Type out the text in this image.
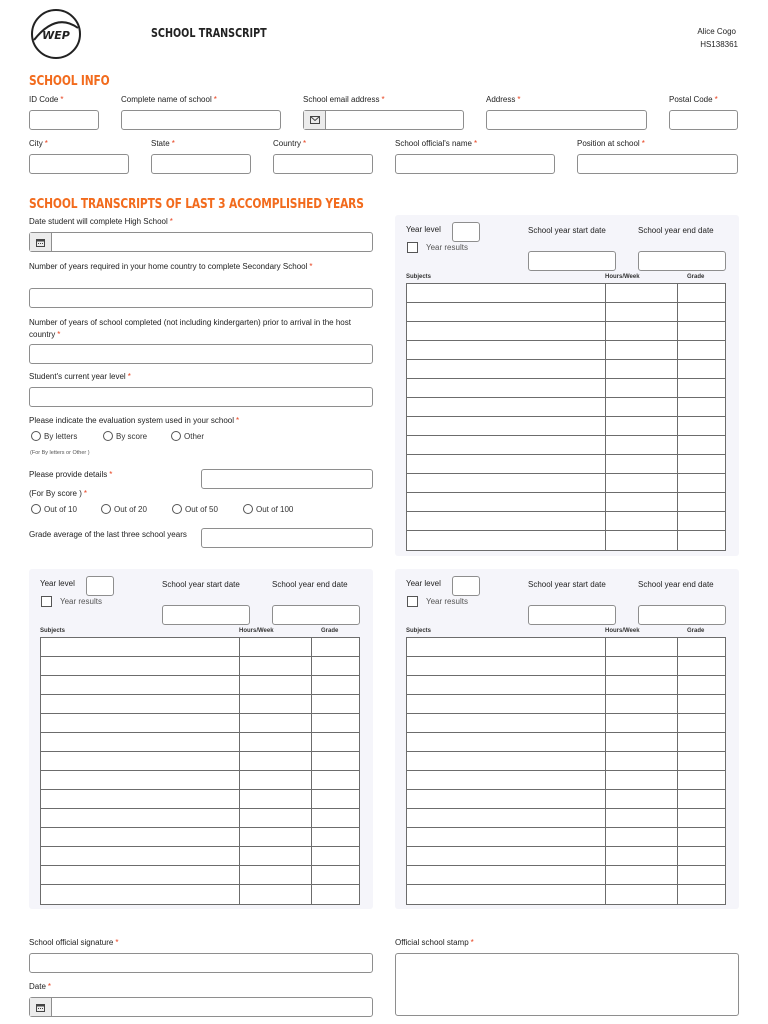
WEP	SCHOOL TRANSCRIPT	Alice Cogo
HS138361
SCHOOL INFO
ID Code *	Complete name of school *	School email address *	Address *	Postal Code *
City *	State *	Country *	School official's name *	Position at school *
SCHOOL TRANSCRIPTS OF LAST 3 ACCOMPLISHED YEARS
Date student will complete High School *
Number of years required in your home country to complete Secondary School *
Number of years of school completed (not including kindergarten) prior to arrival in the host country *
Student's current year level *
Please indicate the evaluation system used in your school *
By letters	By score	Other
(For By letters or Other )
Please provide details *
(For By score ) *
Out of 10	Out of 20	Out of 50	Out of 100
Grade average of the last three school years
Year level
Year results
School year start date	School year end date
Subjects	Hours/Week	Grade
Year level
Year results
School year start date	School year end date
Subjects	Hours/Week	Grade
Year level
Year results
School year start date	School year end date
Subjects	Hours/Week	Grade
School official signature *	Official school stamp *
Date *
